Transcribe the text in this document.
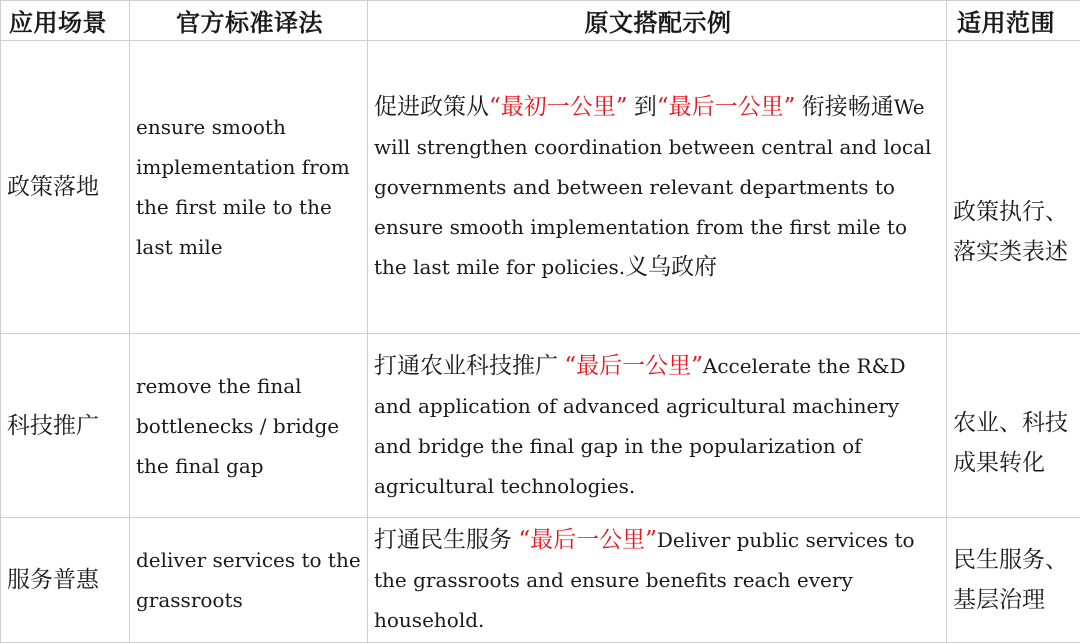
应用场景	官方标准译法	原文搭配示例	适用范围
政策落地	ensure smooth implementation from the first mile to the last mile	促进政策从“最初一公里” 到“最后一公里” 衔接畅通We will strengthen coordination between central and local governments and between relevant departments to ensure smooth implementation from the first mile to the last mile for policies.义乌政府	政策执行、落实类表述
科技推广	remove the final bottlenecks / bridge the final gap	打通农业科技推广 “最后一公里”Accelerate the R&D and application of advanced agricultural machinery and bridge the final gap in the popularization of agricultural technologies.	农业、科技成果转化
服务普惠	deliver services to the grassroots	打通民生服务 “最后一公里”Deliver public services to the grassroots and ensure benefits reach every household.	民生服务、基层治理
